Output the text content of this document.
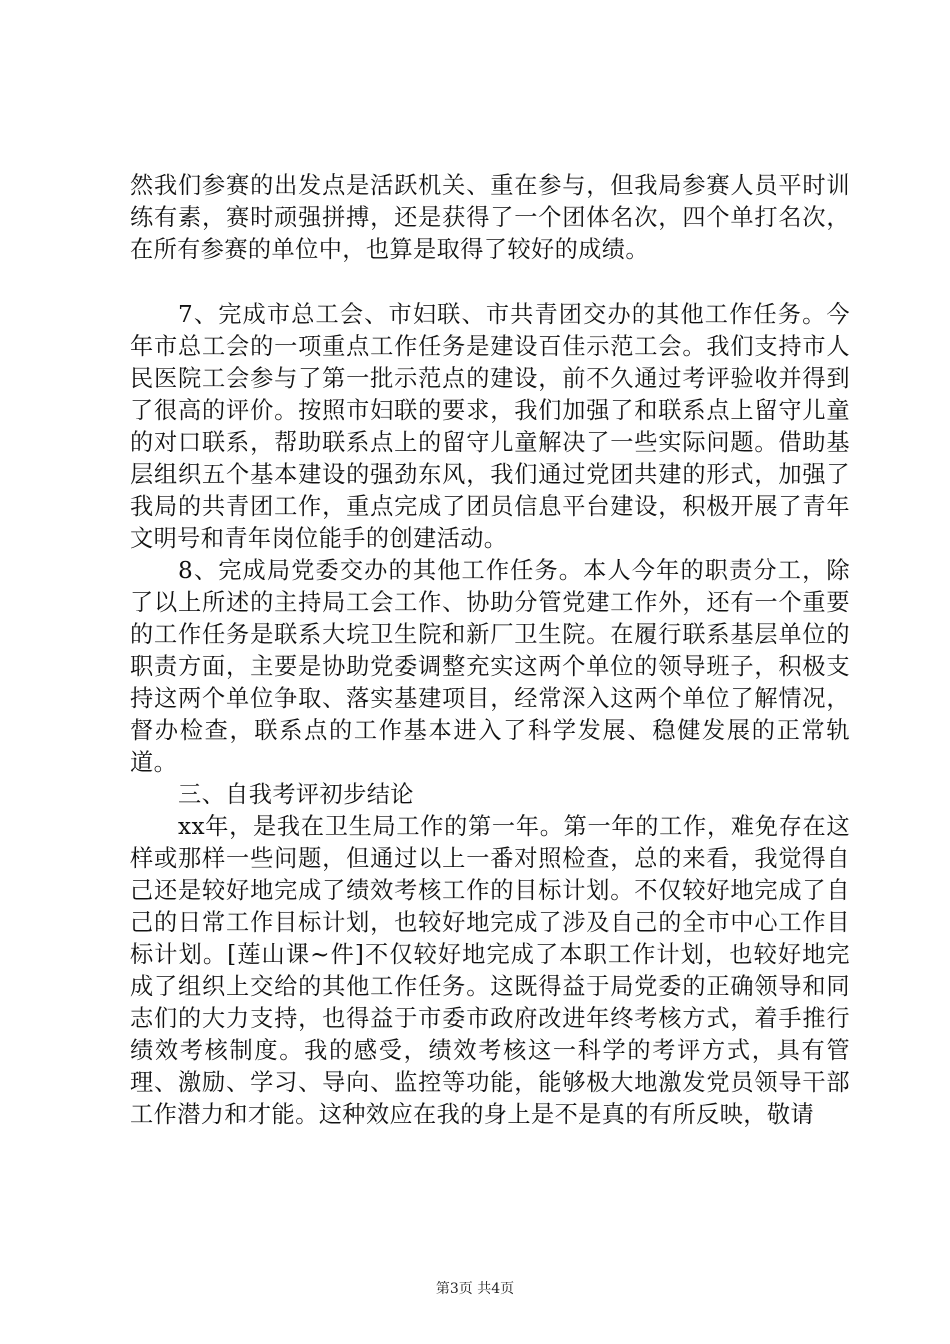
然我们参赛的出发点是活跃机关、重在参与，但我局参赛人员平时训练有素，赛时顽强拼搏，还是获得了一个团体名次，四个单打名次，在所有参赛的单位中，也算是取得了较好的成绩。

7、完成市总工会、市妇联、市共青团交办的其他工作任务。今年市总工会的一项重点工作任务是建设百佳示范工会。我们支持市人民医院工会参与了第一批示范点的建设，前不久通过考评验收并得到了很高的评价。按照市妇联的要求，我们加强了和联系点上留守儿童的对口联系，帮助联系点上的留守儿童解决了一些实际问题。借助基层组织五个基本建设的强劲东风，我们通过党团共建的形式，加强了我局的共青团工作，重点完成了团员信息平台建设，积极开展了青年文明号和青年岗位能手的创建活动。

8、完成局党委交办的其他工作任务。本人今年的职责分工，除了以上所述的主持局工会工作、协助分管党建工作外，还有一个重要的工作任务是联系大垸卫生院和新厂卫生院。在履行联系基层单位的职责方面，主要是协助党委调整充实这两个单位的领导班子，积极支持这两个单位争取、落实基建项目，经常深入这两个单位了解情况，督办检查，联系点的工作基本进入了科学发展、稳健发展的正常轨道。

三、自我考评初步结论

xx年，是我在卫生局工作的第一年。第一年的工作，难免存在这样或那样一些问题，但通过以上一番对照检查，总的来看，我觉得自己还是较好地完成了绩效考核工作的目标计划。不仅较好地完成了自己的日常工作目标计划，也较好地完成了涉及自己的全市中心工作目标计划。[莲山课~件]不仅较好地完成了本职工作计划，也较好地完成了组织上交给的其他工作任务。这既得益于局党委的正确领导和同志们的大力支持，也得益于市委市政府改进年终考核方式，着手推行绩效考核制度。我的感受，绩效考核这一科学的考评方式，具有管理、激励、学习、导向、监控等功能，能够极大地激发党员领导干部工作潜力和才能。这种效应在我的身上是不是真的有所反映，敬请

第3页 共4页
